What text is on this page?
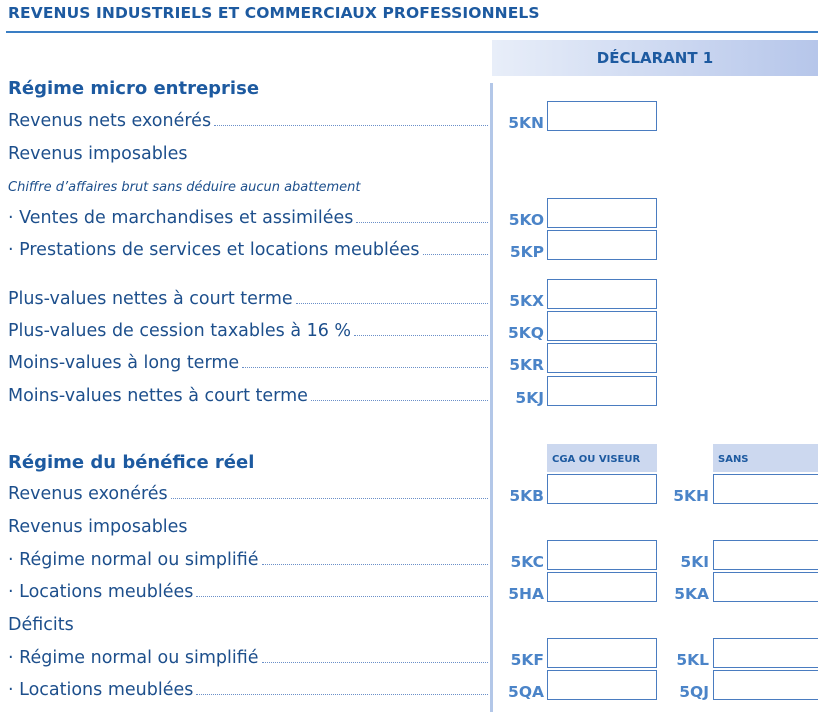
REVENUS INDUSTRIELS ET COMMERCIAUX PROFESSIONNELS
DÉCLARANT 1
Régime micro entreprise
Revenus nets exonérés	5KN
Revenus imposables
Chiffre d’affaires brut sans déduire aucun abattement
· Ventes de marchandises et assimilées	5KO
· Prestations de services et locations meublées	5KP
Plus-values nettes à court terme	5KX
Plus-values de cession taxables à 16 %	5KQ
Moins-values à long terme	5KR
Moins-values nettes à court terme	5KJ
CGA OU VISEUR	SANS
Régime du bénéfice réel
Revenus exonérés	5KB	5KH
Revenus imposables
· Régime normal ou simplifié	5KC	5KI
· Locations meublées	5HA	5KA
Déficits
· Régime normal ou simplifié	5KF	5KL
· Locations meublées	5QA	5QJ
